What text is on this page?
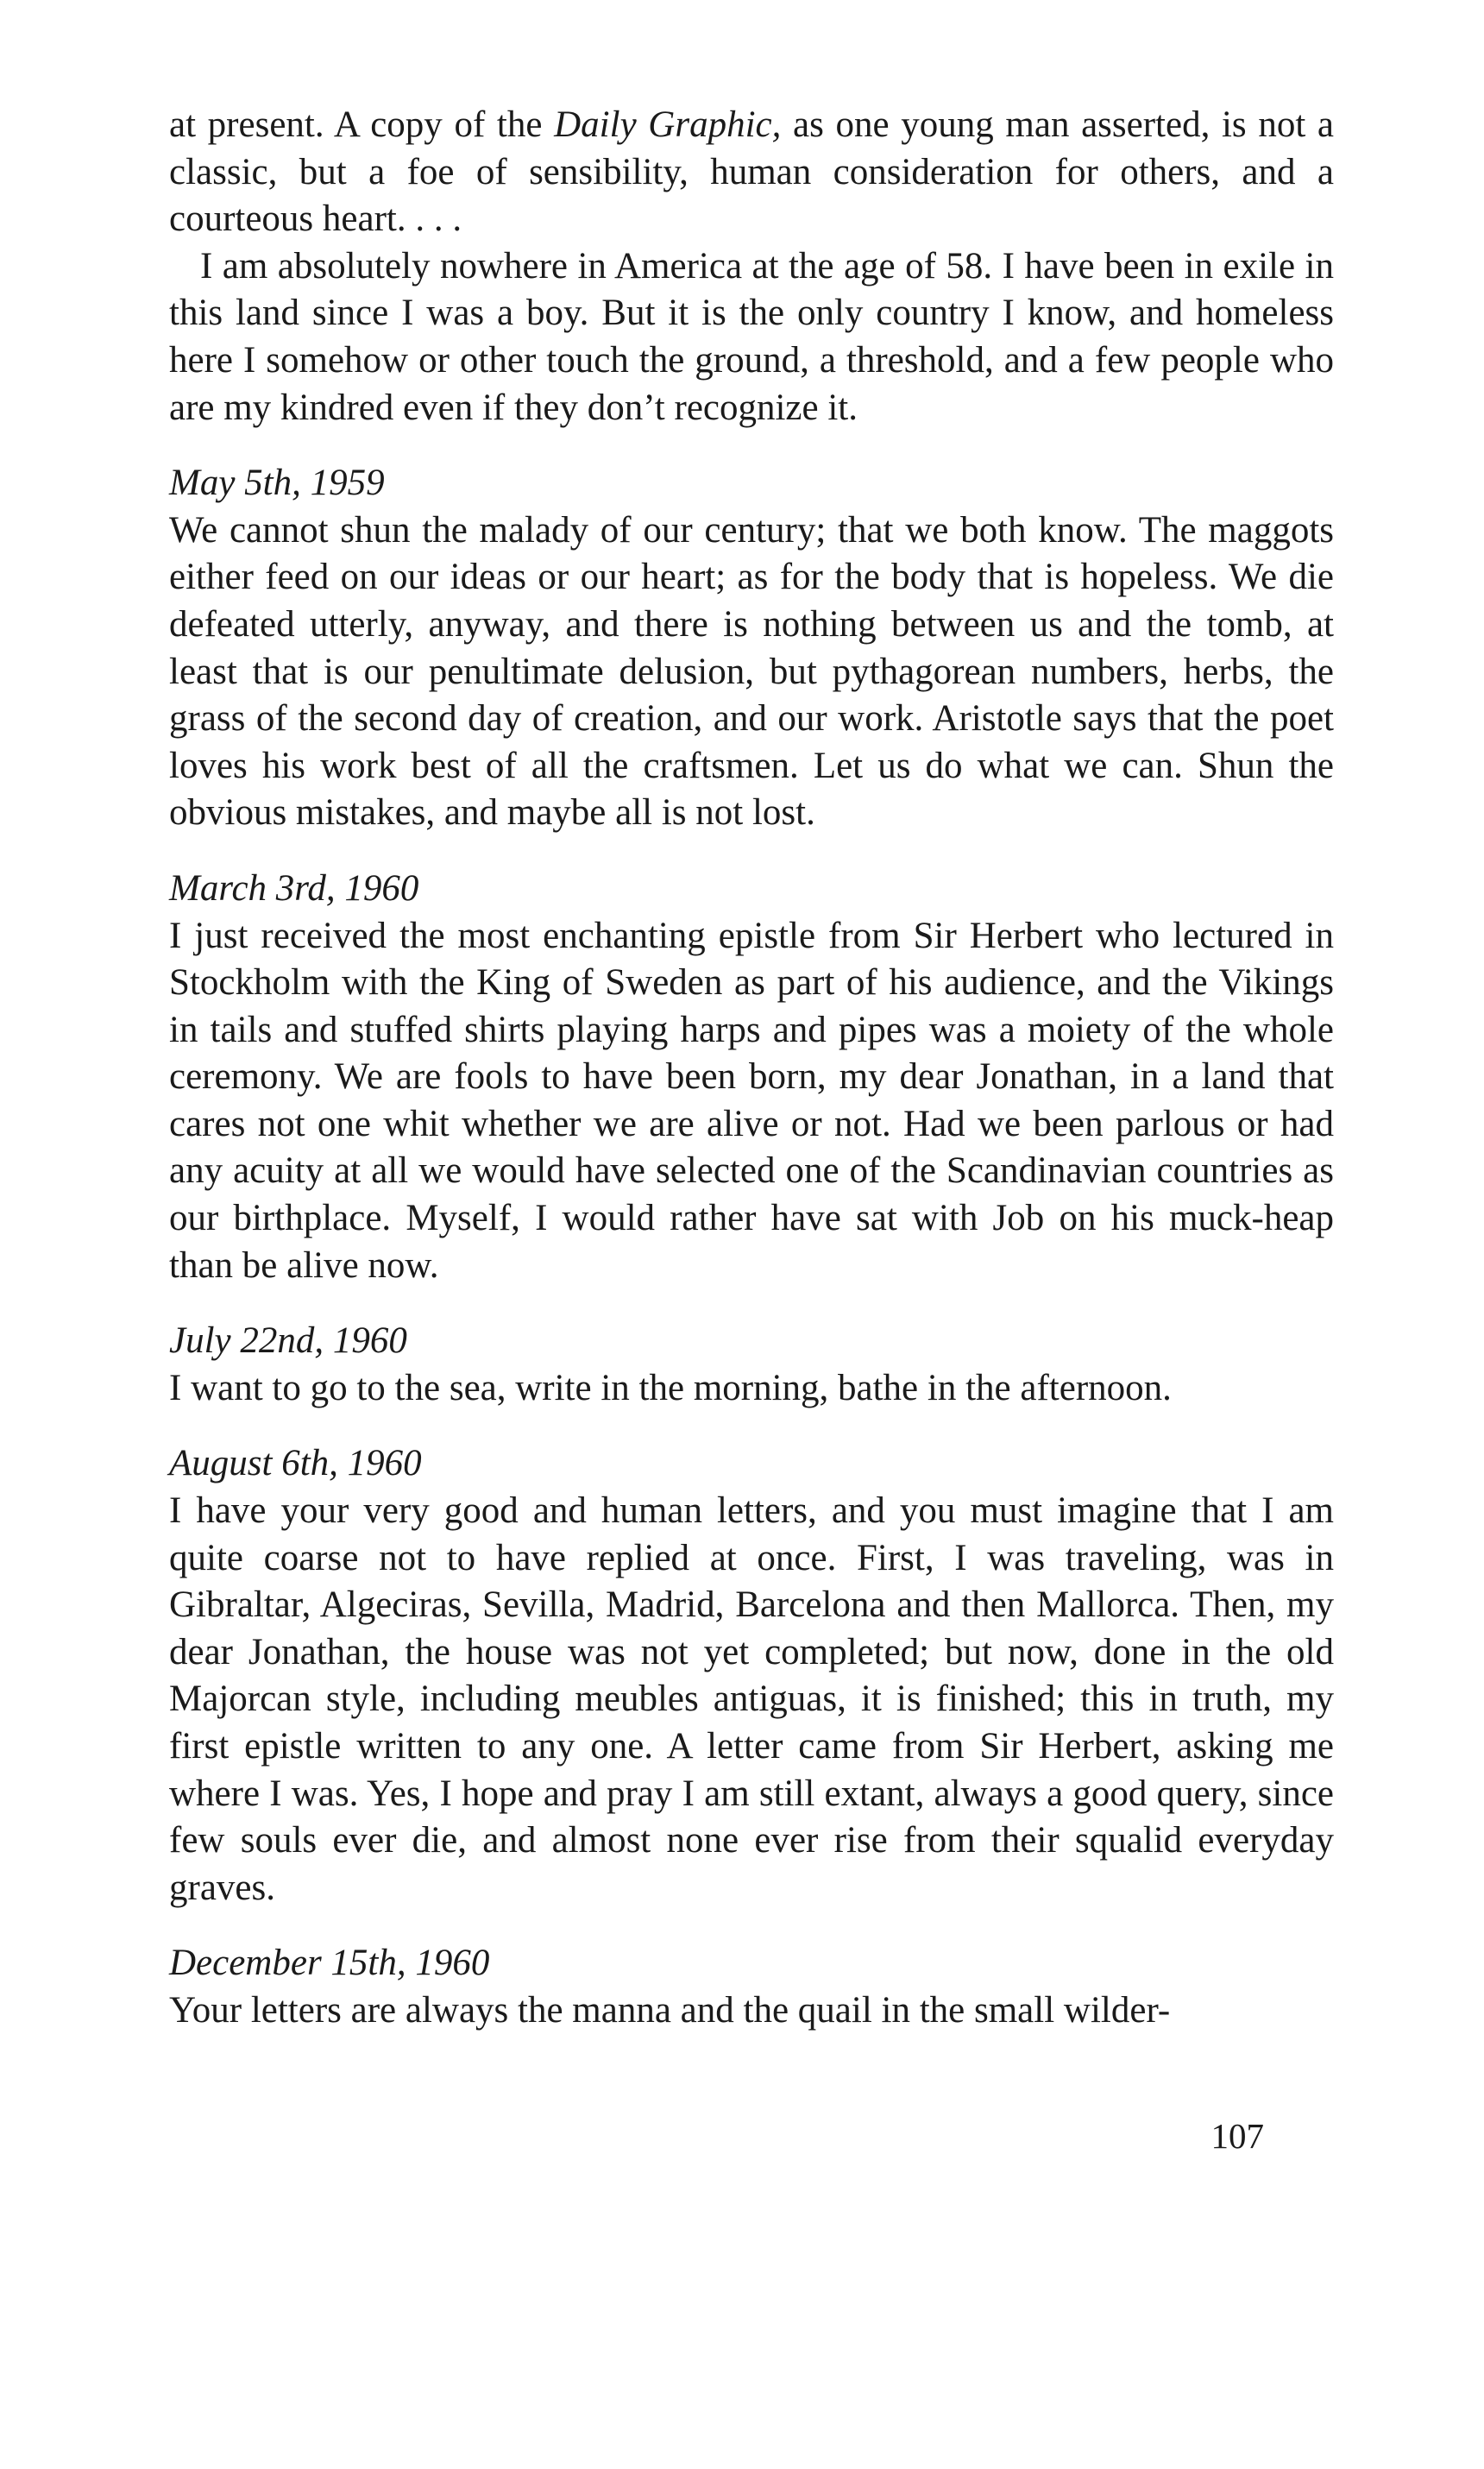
at present. A copy of the Daily Graphic, as one young man asserted, is not a classic, but a foe of sensibility, human consideration for others, and a courteous heart. . . .

I am absolutely nowhere in America at the age of 58. I have been in exile in this land since I was a boy. But it is the only country I know, and homeless here I somehow or other touch the ground, a threshold, and a few people who are my kindred even if they don’t recognize it.

May 5th, 1959

We cannot shun the malady of our century; that we both know. The maggots either feed on our ideas or our heart; as for the body that is hopeless. We die defeated utterly, anyway, and there is nothing between us and the tomb, at least that is our penultimate delusion, but pythagorean numbers, herbs, the grass of the second day of creation, and our work. Aristotle says that the poet loves his work best of all the craftsmen. Let us do what we can. Shun the obvious mistakes, and maybe all is not lost.

March 3rd, 1960

I just received the most enchanting epistle from Sir Herbert who lectured in Stockholm with the King of Sweden as part of his audience, and the Vikings in tails and stuffed shirts playing harps and pipes was a moiety of the whole ceremony. We are fools to have been born, my dear Jonathan, in a land that cares not one whit whether we are alive or not. Had we been parlous or had any acuity at all we would have selected one of the Scandinavian countries as our birthplace. Myself, I would rather have sat with Job on his muck-heap than be alive now.

July 22nd, 1960

I want to go to the sea, write in the morning, bathe in the afternoon.

August 6th, 1960

I have your very good and human letters, and you must imagine that I am quite coarse not to have replied at once. First, I was traveling, was in Gibraltar, Algeciras, Sevilla, Madrid, Barcelona and then Mallorca. Then, my dear Jonathan, the house was not yet completed; but now, done in the old Majorcan style, including meubles antiguas, it is finished; this in truth, my first epistle written to any one. A letter came from Sir Herbert, asking me where I was. Yes, I hope and pray I am still extant, always a good query, since few souls ever die, and almost none ever rise from their squalid everyday graves.

December 15th, 1960

Your letters are always the manna and the quail in the small wilder-

107
